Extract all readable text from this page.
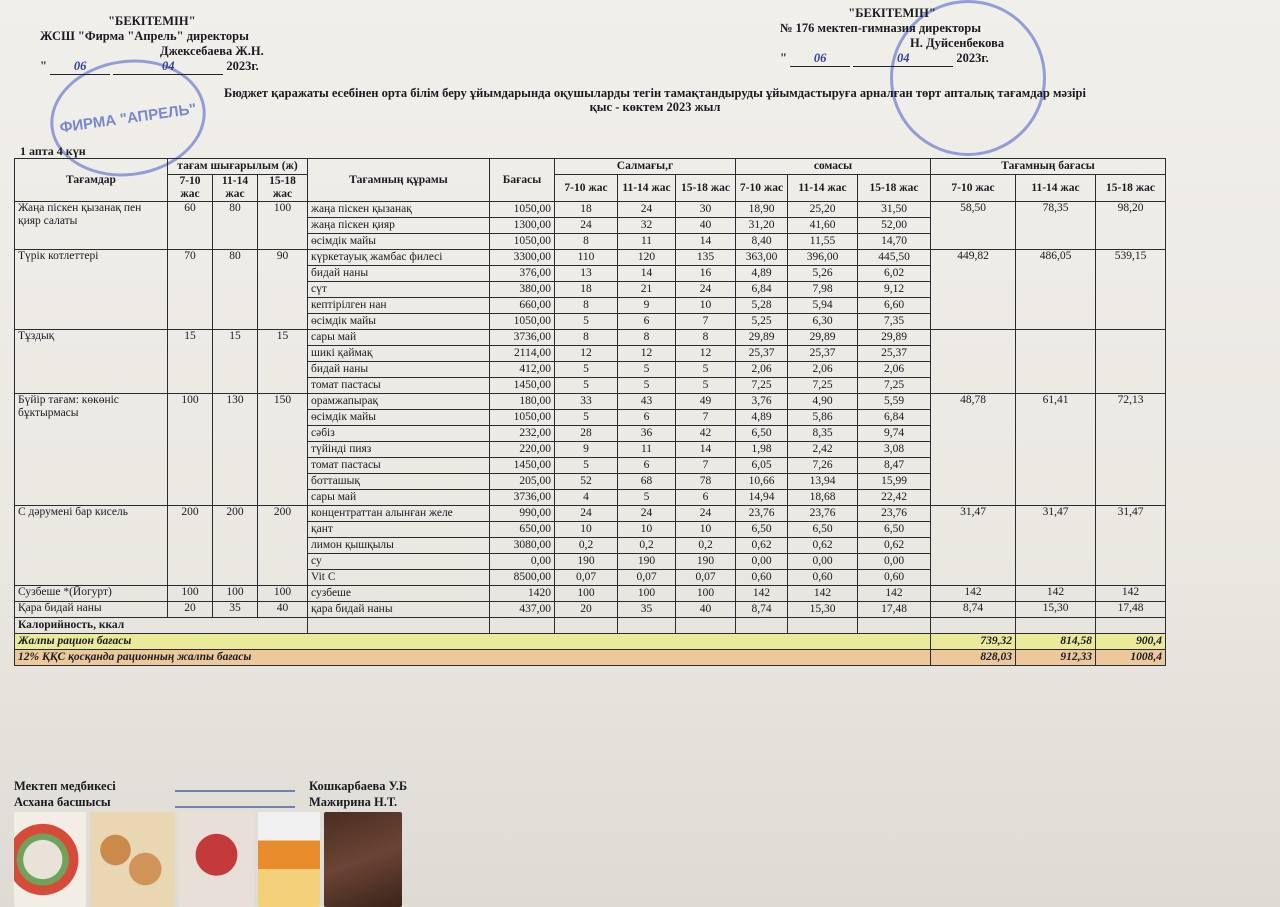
ФИРМА "АПРЕЛЬ"
"БЕКІТЕМІН"
ЖСШ "Фирма "Апрель" директоры
Джексебаева Ж.Н.
" 06	04	2023г.
"БЕКІТЕМІН"
№ 176 мектеп-гимназия директоры
Н. Дуйсенбекова
" 06	04	2023г.
Бюджет қаражаты есебінен орта білім беру ұйымдарында оқушыларды тегін тамақтандыруды ұйымдастыруға арналған төрт апталық тағамдар мәзірі
қыс - көктем 2023 жыл
1 апта 4 күн
Тағамдар	тағам шығарылым (ж)			Тағамның құрамы	Бағасы	Салмағы,г			сомасы			Тағамның бағасы		
	7-10 жас	11-14 жас	15-18 жас			7-10 жас	11-14 жас	15-18 жас	7-10 жас	11-14 жас	15-18 жас	7-10 жас	11-14 жас	15-18 жас
Жаңа піскен қызанақ пен қияр салаты	60	80	100	жаңа піскен қызанақ	1050,00	18	24	30	18,90	25,20	31,50	58,50	78,35	98,20
				жаңа піскен қияр	1300,00	24	32	40	31,20	41,60	52,00			
				өсімдік майы	1050,00	8	11	14	8,40	11,55	14,70			
Түрік котлеттері	70	80	90	күркетауық жамбас филесі	3300,00	110	120	135	363,00	396,00	445,50	449,82	486,05	539,15
				бидай наны	376,00	13	14	16	4,89	5,26	6,02			
				сүт	380,00	18	21	24	6,84	7,98	9,12			
				кептірілген нан	660,00	8	9	10	5,28	5,94	6,60			
				өсімдік майы	1050,00	5	6	7	5,25	6,30	7,35			
Тұздық	15	15	15	сары май	3736,00	8	8	8	29,89	29,89	29,89			
				шикі қаймақ	2114,00	12	12	12	25,37	25,37	25,37			
				бидай наны	412,00	5	5	5	2,06	2,06	2,06			
				томат пастасы	1450,00	5	5	5	7,25	7,25	7,25			
Бүйір тағам: көкөніс бұктырмасы	100	130	150	орамжапырақ	180,00	33	43	49	3,76	4,90	5,59	48,78	61,41	72,13
				өсімдік майы	1050,00	5	6	7	4,89	5,86	6,84			
				сәбіз	232,00	28	36	42	6,50	8,35	9,74			
				түйінді пияз	220,00	9	11	14	1,98	2,42	3,08			
				томат пастасы	1450,00	5	6	7	6,05	7,26	8,47			
				ботташық	205,00	52	68	78	10,66	13,94	15,99			
				сары май	3736,00	4	5	6	14,94	18,68	22,42			
С дәрумені бар кисель	200	200	200	концентраттан алынған желе	990,00	24	24	24	23,76	23,76	23,76	31,47	31,47	31,47
				қант	650,00	10	10	10	6,50	6,50	6,50			
				лимон қышқылы	3080,00	0,2	0,2	0,2	0,62	0,62	0,62			
				су	0,00	190	190	190	0,00	0,00	0,00			
				Vit C	8500,00	0,07	0,07	0,07	0,60	0,60	0,60			
Сузбеше *(Йогурт)	100	100	100	сузбеше	1420	100	100	100	142	142	142	142	142	142
Қара бидай наны	20	35	40	қара бидай наны	437,00	20	35	40	8,74	15,30	17,48	8,74	15,30	17,48
Калорийность, ккал														
Жалпы рацион бағасы												739,32	814,58	900,4
12% ҚҚС қосқанда рационның жалпы бағасы												828,03	912,33	1008,4
Мектеп медбикесі	Кошкарбаева У.Б
Асхана басшысы	Мажирина Н.Т.
